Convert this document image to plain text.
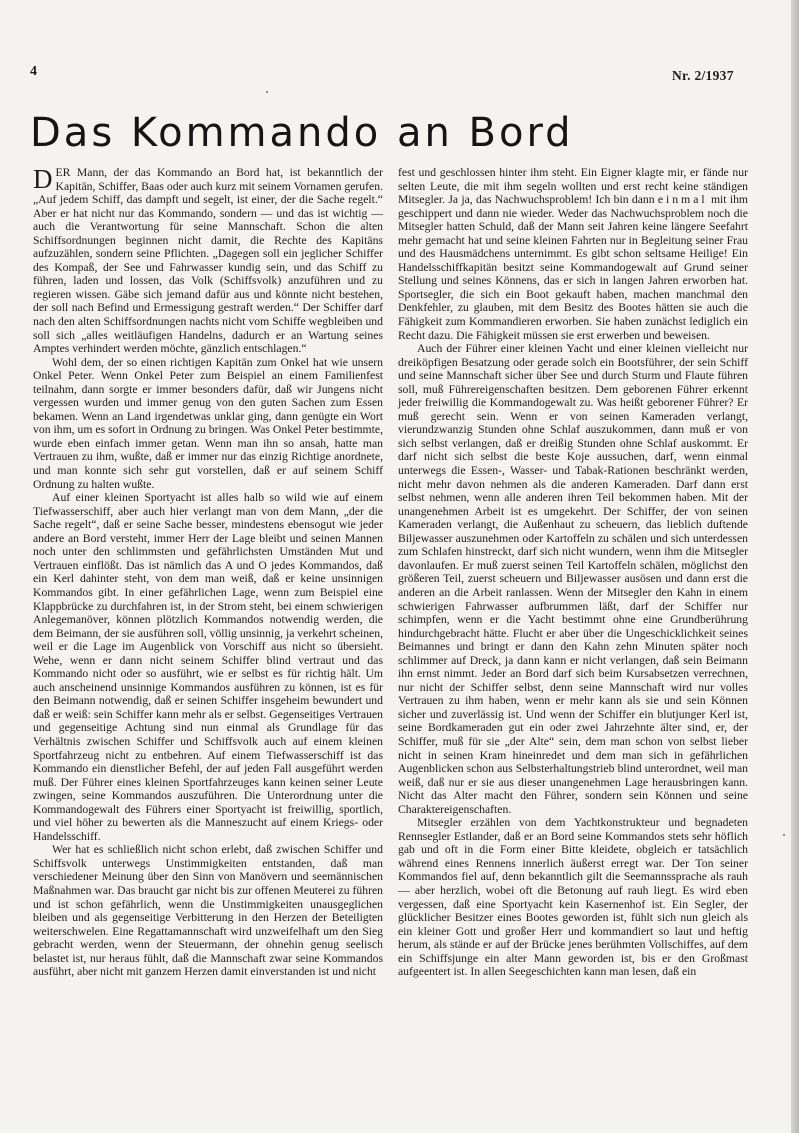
4	Nr. 2/1937
Das Kommando an Bord

DER Mann, der das Kommando an Bord hat, ist bekanntlich der Kapitän, Schiffer, Baas oder auch kurz mit seinem Vornamen gerufen. „Auf jedem Schiff, das dampft und segelt, ist einer, der die Sache regelt.“ Aber er hat nicht nur das Kommando, sondern — und das ist wichtig — auch die Verantwortung für seine Mannschaft. Schon die alten Schiffsordnungen beginnen nicht damit, die Rechte des Kapitäns aufzuzählen, sondern seine Pflichten. „Dagegen soll ein jeglicher Schiffer des Kompaß, der See und Fahrwasser kundig sein, und das Schiff zu führen, laden und lossen, das Volk (Schiffsvolk) anzuführen und zu regieren wissen. Gäbe sich jemand dafür aus und könnte nicht bestehen, der soll nach Befind und Ermessigung gestraft werden.“ Der Schiffer darf nach den alten Schiffsordnungen nachts nicht vom Schiffe wegbleiben und soll sich „alles weitläufigen Handelns, dadurch er an Wartung seines Amptes verhindert werden möchte, gänzlich entschlagen.“

Wohl dem, der so einen richtigen Kapitän zum Onkel hat wie unsern Onkel Peter. Wenn Onkel Peter zum Beispiel an einem Familienfest teilnahm, dann sorgte er immer besonders dafür, daß wir Jungens nicht vergessen wurden und immer genug von den guten Sachen zum Essen bekamen. Wenn an Land irgendetwas unklar ging, dann genügte ein Wort von ihm, um es sofort in Ordnung zu bringen. Was Onkel Peter bestimmte, wurde eben einfach immer getan. Wenn man ihn so ansah, hatte man Vertrauen zu ihm, wußte, daß er immer nur das einzig Richtige anordnete, und man konnte sich sehr gut vorstellen, daß er auf seinem Schiff Ordnung zu halten wußte.

Auf einer kleinen Sportyacht ist alles halb so wild wie auf einem Tiefwasserschiff, aber auch hier verlangt man von dem Mann, „der die Sache regelt“, daß er seine Sache besser, mindestens ebensogut wie jeder andere an Bord versteht, immer Herr der Lage bleibt und seinen Mannen noch unter den schlimmsten und gefährlichsten Umständen Mut und Vertrauen einflößt. Das ist nämlich das A und O jedes Kommandos, daß ein Kerl dahinter steht, von dem man weiß, daß er keine unsinnigen Kommandos gibt. In einer gefährlichen Lage, wenn zum Beispiel eine Klappbrücke zu durchfahren ist, in der Strom steht, bei einem schwierigen Anlegemanöver, können plötzlich Kommandos notwendig werden, die dem Beimann, der sie ausführen soll, völlig unsinnig, ja verkehrt scheinen, weil er die Lage im Augenblick von Vorschiff aus nicht so übersieht. Wehe, wenn er dann nicht seinem Schiffer blind vertraut und das Kommando nicht oder so ausführt, wie er selbst es für richtig hält. Um auch anscheinend unsinnige Kommandos ausführen zu können, ist es für den Beimann notwendig, daß er seinen Schiffer insgeheim bewundert und daß er weiß: sein Schiffer kann mehr als er selbst. Gegenseitiges Vertrauen und gegenseitige Achtung sind nun einmal als Grundlage für das Verhältnis zwischen Schiffer und Schiffsvolk auch auf einem kleinen Sportfahrzeug nicht zu entbehren. Auf einem Tiefwasserschiff ist das Kommando ein dienstlicher Befehl, der auf jeden Fall ausgeführt werden muß. Der Führer eines kleinen Sportfahrzeuges kann keinen seiner Leute zwingen, seine Kommandos auszuführen. Die Unterordnung unter die Kommandogewalt des Führers einer Sportyacht ist freiwillig, sportlich, und viel höher zu bewerten als die Manneszucht auf einem Kriegs- oder Handelsschiff.

Wer hat es schließlich nicht schon erlebt, daß zwischen Schiffer und Schiffsvolk unterwegs Unstimmigkeiten entstanden, daß man verschiedener Meinung über den Sinn von Manövern und seemännischen Maßnahmen war. Das braucht gar nicht bis zur offenen Meuterei zu führen und ist schon gefährlich, wenn die Unstimmigkeiten unausgeglichen bleiben und als gegenseitige Verbitterung in den Herzen der Beteiligten weiterschwelen. Eine Regattamannschaft wird unzweifelhaft um den Sieg gebracht werden, wenn der Steuermann, der ohnehin genug seelisch belastet ist, nur heraus fühlt, daß die Mannschaft zwar seine Kommandos ausführt, aber nicht mit ganzem Herzen damit einverstanden ist und nicht

fest und geschlossen hinter ihm steht. Ein Eigner klagte mir, er fände nur selten Leute, die mit ihm segeln wollten und erst recht keine ständigen Mitsegler. Ja ja, das Nachwuchsproblem! Ich bin dann einmal mit ihm geschippert und dann nie wieder. Weder das Nachwuchsproblem noch die Mitsegler hatten Schuld, daß der Mann seit Jahren keine längere Seefahrt mehr gemacht hat und seine kleinen Fahrten nur in Begleitung seiner Frau und des Hausmädchens unternimmt. Es gibt schon seltsame Heilige! Ein Handelsschiffkapitän besitzt seine Kommandogewalt auf Grund seiner Stellung und seines Könnens, das er sich in langen Jahren erworben hat. Sportsegler, die sich ein Boot gekauft haben, machen manchmal den Denkfehler, zu glauben, mit dem Besitz des Bootes hätten sie auch die Fähigkeit zum Kommandieren erworben. Sie haben zunächst lediglich ein Recht dazu. Die Fähigkeit müssen sie erst erwerben und beweisen.

Auch der Führer einer kleinen Yacht und einer kleinen vielleicht nur dreiköpfigen Besatzung oder gerade solch ein Bootsführer, der sein Schiff und seine Mannschaft sicher über See und durch Sturm und Flaute führen soll, muß Führereigenschaften besitzen. Dem geborenen Führer erkennt jeder freiwillig die Kommandogewalt zu. Was heißt geborener Führer? Er muß gerecht sein. Wenn er von seinen Kameraden verlangt, vierundzwanzig Stunden ohne Schlaf auszukommen, dann muß er von sich selbst verlangen, daß er dreißig Stunden ohne Schlaf auskommt. Er darf nicht sich selbst die beste Koje aussuchen, darf, wenn einmal unterwegs die Essen-, Wasser- und Tabak-Rationen beschränkt werden, nicht mehr davon nehmen als die anderen Kameraden. Darf dann erst selbst nehmen, wenn alle anderen ihren Teil bekommen haben. Mit der unangenehmen Arbeit ist es umgekehrt. Der Schiffer, der von seinen Kameraden verlangt, die Außenhaut zu scheuern, das lieblich duftende Biljewasser auszunehmen oder Kartoffeln zu schälen und sich unterdessen zum Schlafen hinstreckt, darf sich nicht wundern, wenn ihm die Mitsegler davonlaufen. Er muß zuerst seinen Teil Kartoffeln schälen, möglichst den größeren Teil, zuerst scheuern und Biljewasser ausösen und dann erst die anderen an die Arbeit ranlassen. Wenn der Mitsegler den Kahn in einem schwierigen Fahrwasser aufbrummen läßt, darf der Schiffer nur schimpfen, wenn er die Yacht bestimmt ohne eine Grundberührung hindurchgebracht hätte. Flucht er aber über die Ungeschicklichkeit seines Beimannes und bringt er dann den Kahn zehn Minuten später noch schlimmer auf Dreck, ja dann kann er nicht verlangen, daß sein Beimann ihn ernst nimmt. Jeder an Bord darf sich beim Kursabsetzen verrechnen, nur nicht der Schiffer selbst, denn seine Mannschaft wird nur volles Vertrauen zu ihm haben, wenn er mehr kann als sie und sein Können sicher und zuverlässig ist. Und wenn der Schiffer ein blutjunger Kerl ist, seine Bordkameraden gut ein oder zwei Jahrzehnte älter sind, er, der Schiffer, muß für sie „der Alte“ sein, dem man schon von selbst lieber nicht in seinen Kram hineinredet und dem man sich in gefährlichen Augenblicken schon aus Selbsterhaltungstrieb blind unterordnet, weil man weiß, daß nur er sie aus dieser unangenehmen Lage herausbringen kann. Nicht das Alter macht den Führer, sondern sein Können und seine Charaktereigenschaften.

Mitsegler erzählen von dem Yachtkonstrukteur und begnadeten Rennsegler Estlander, daß er an Bord seine Kommandos stets sehr höflich gab und oft in die Form einer Bitte kleidete, obgleich er tatsächlich während eines Rennens innerlich äußerst erregt war. Der Ton seiner Kommandos fiel auf, denn bekanntlich gilt die Seemannssprache als rauh — aber herzlich, wobei oft die Betonung auf rauh liegt. Es wird eben vergessen, daß eine Sportyacht kein Kasernenhof ist. Ein Segler, der glücklicher Besitzer eines Bootes geworden ist, fühlt sich nun gleich als ein kleiner Gott und großer Herr und kommandiert so laut und heftig herum, als stände er auf der Brücke jenes berühmten Vollschiffes, auf dem ein Schiffsjunge ein alter Mann geworden ist, bis er den Großmast aufgeentert ist. In allen Seegeschichten kann man lesen, daß ein
